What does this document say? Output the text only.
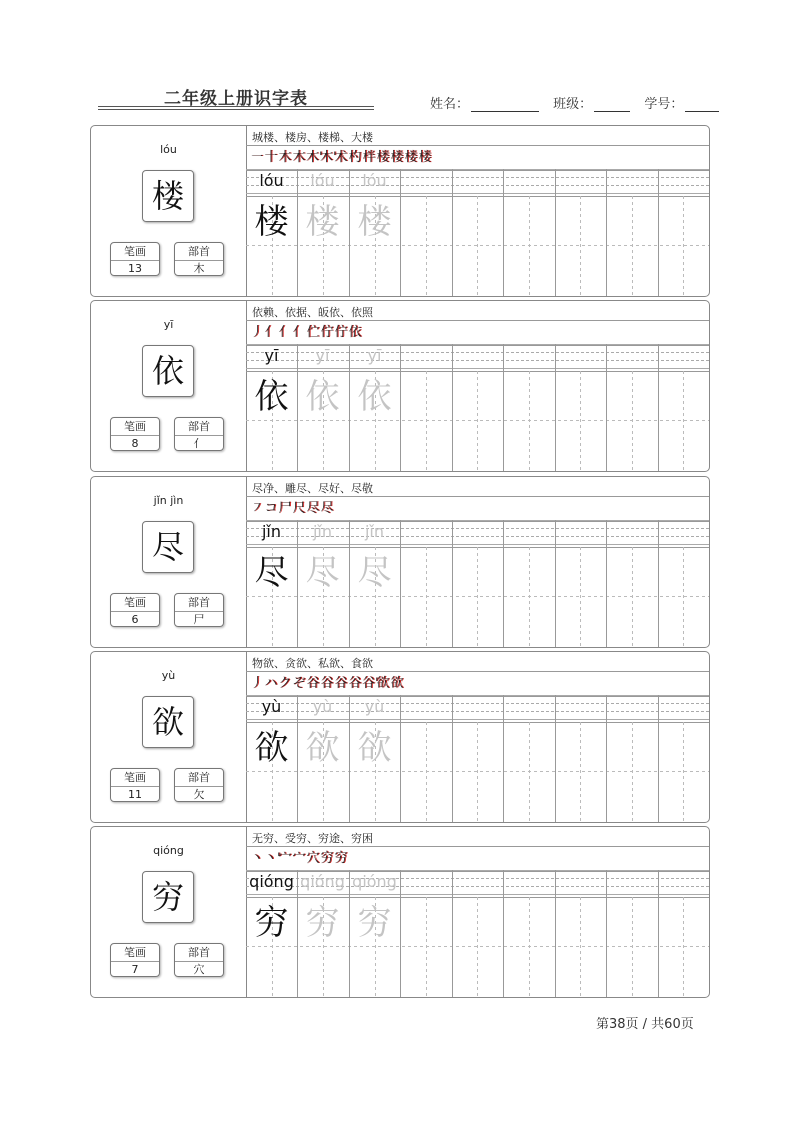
二年级上册识字表	姓名：	班级：	学号：
lóu
楼
笔画
13
部首
木
城楼、楼房、楼梯、大楼
㇐十木木木'木'术杓柈楼楼楼楼
lóu
楼
lóu
楼
lóu
楼
yī
依
笔画
8
部首
亻
依赖、依据、皈依、依照
丿亻亻亻伫佇佇依
yī
依
yī
依
yī
依
jǐn jìn
尽
笔画
6
部首
尸
尽净、雕尽、尽好、尽敬
㇇コ尸尺尽尽
jǐn
尽
jǐn
尽
jǐn
尽
yù
欲
笔画
11
部首
欠
物欲、贪欲、私欲、食欲
丿ハクぞ谷谷谷谷谷'欲欲
yù
欲
yù
欲
yù
欲
qióng
穷
笔画
7
部首
穴
无穷、受穷、穷途、穷困
丶丶'宀宀穴穷穷
qióng
穷
qióng
穷
qióng
穷
第38页 / 共60页
